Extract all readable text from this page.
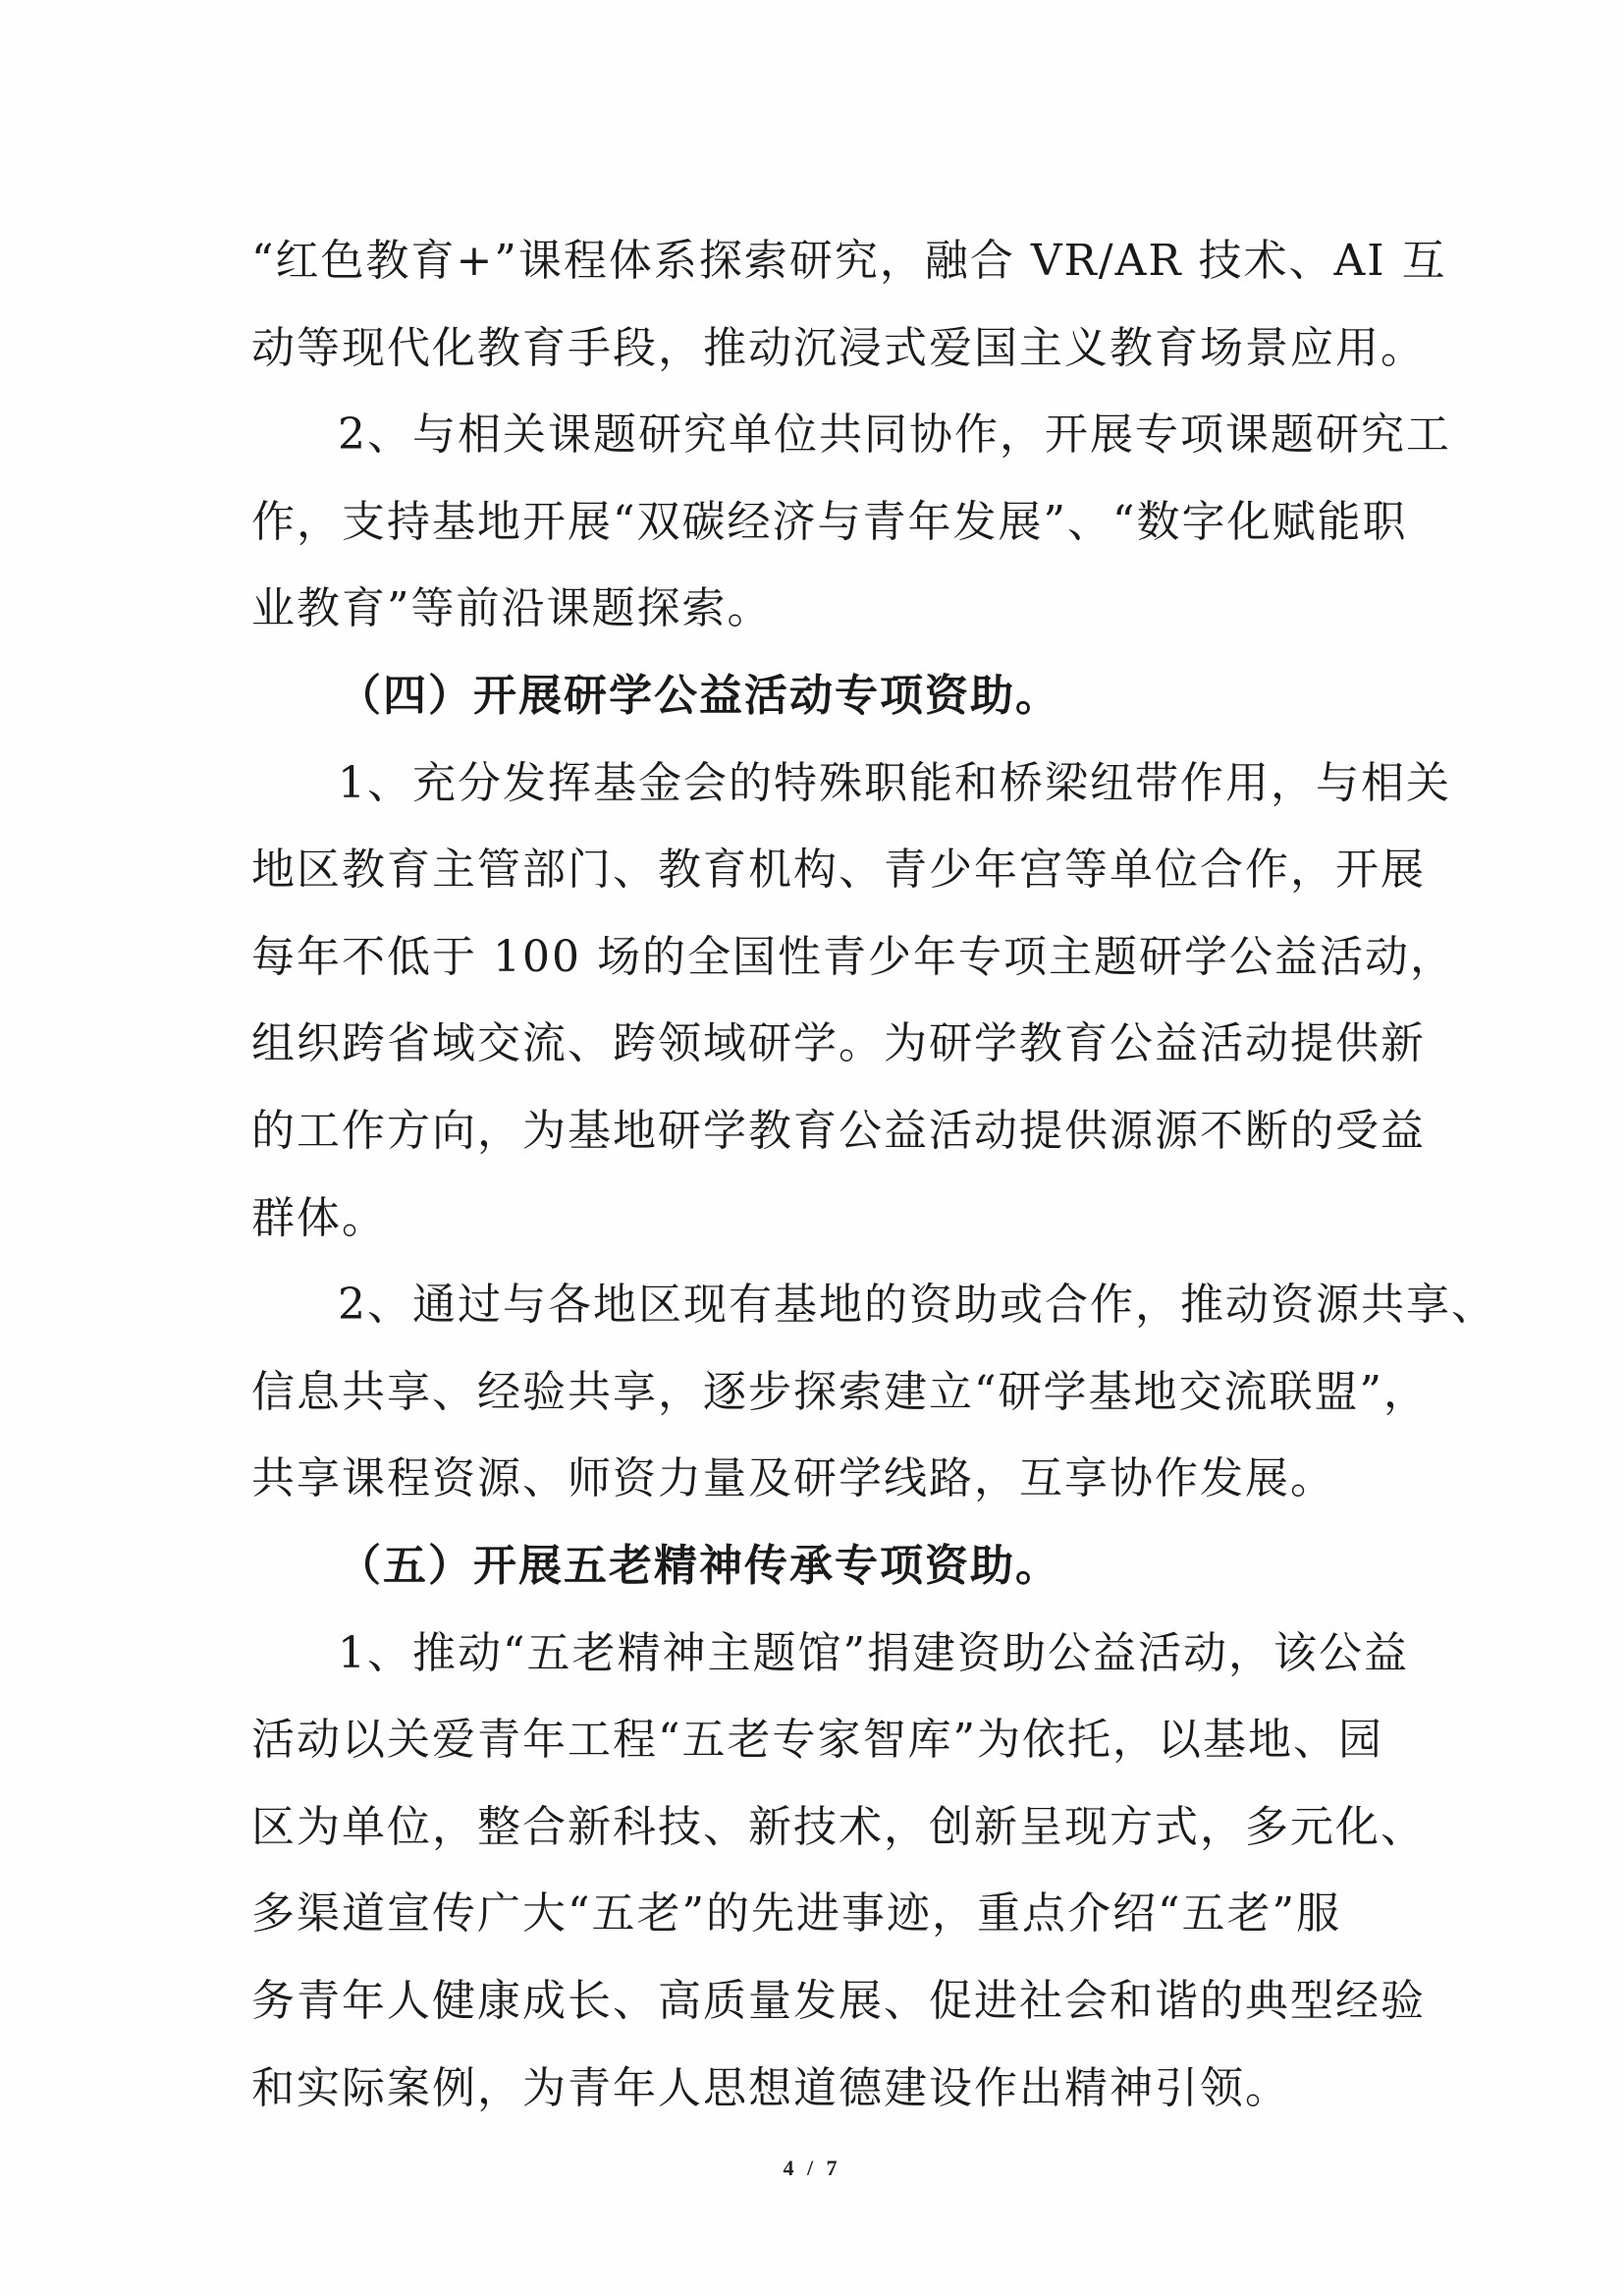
“红色教育+”课程体系探索研究，融合 VR/AR 技术、AI 互
动等现代化教育手段，推动沉浸式爱国主义教育场景应用。
2、与相关课题研究单位共同协作，开展专项课题研究工
作，支持基地开展“双碳经济与青年发展”、“数字化赋能职
业教育”等前沿课题探索。
（四）开展研学公益活动专项资助。
1、充分发挥基金会的特殊职能和桥梁纽带作用，与相关
地区教育主管部门、教育机构、青少年宫等单位合作，开展
每年不低于 100 场的全国性青少年专项主题研学公益活动，
组织跨省域交流、跨领域研学。为研学教育公益活动提供新
的工作方向，为基地研学教育公益活动提供源源不断的受益
群体。
2、通过与各地区现有基地的资助或合作，推动资源共享、
信息共享、经验共享，逐步探索建立“研学基地交流联盟”，
共享课程资源、师资力量及研学线路，互享协作发展。
（五）开展五老精神传承专项资助。
1、推动“五老精神主题馆”捐建资助公益活动，该公益
活动以关爱青年工程“五老专家智库”为依托，以基地、园
区为单位，整合新科技、新技术，创新呈现方式，多元化、
多渠道宣传广大“五老”的先进事迹，重点介绍“五老”服
务青年人健康成长、高质量发展、促进社会和谐的典型经验
和实际案例，为青年人思想道德建设作出精神引领。
4 / 7
